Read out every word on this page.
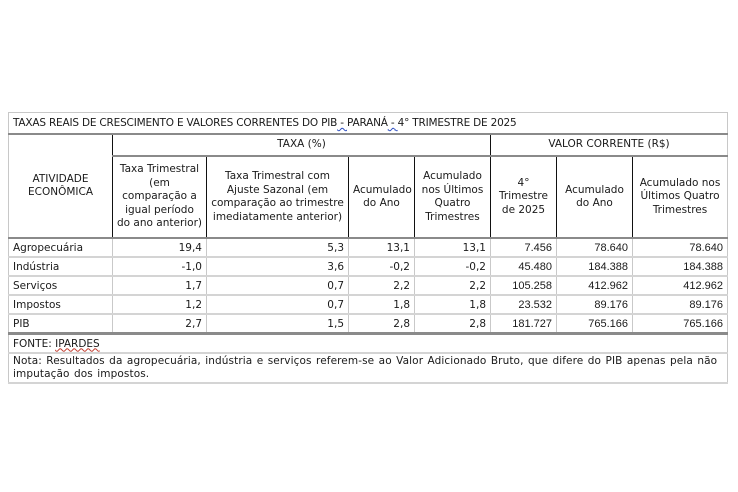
TAXAS REAIS DE CRESCIMENTO E VALORES CORRENTES DO PIB - PARANÁ - 4° TRIMESTRE DE 2025							
ATIVIDADE ECONÔMICA	TAXA (%)				VALOR CORRENTE (R$)		
	Taxa Trimestral (em comparação a igual período do ano anterior)	Taxa Trimestral com Ajuste Sazonal (em comparação ao trimestre imediatamente anterior)	Acumulado do Ano	Acumulado nos Últimos Quatro Trimestres	4° Trimestre de 2025	Acumulado do Ano	Acumulado nos Últimos Quatro Trimestres
Agropecuária	19,4	5,3	13,1	13,1	7.456	78.640	78.640
Indústria	-1,0	3,6	-0,2	-0,2	45.480	184.388	184.388
Serviços	1,7	0,7	2,2	2,2	105.258	412.962	412.962
Impostos	1,2	0,7	1,8	1,8	23.532	89.176	89.176
PIB	2,7	1,5	2,8	2,8	181.727	765.166	765.166
FONTE: IPARDES							
Nota: Resultados da agropecuária, indústria e serviços referem-se ao Valor Adicionado Bruto, que difere do PIB apenas pela não imputação dos impostos.							
